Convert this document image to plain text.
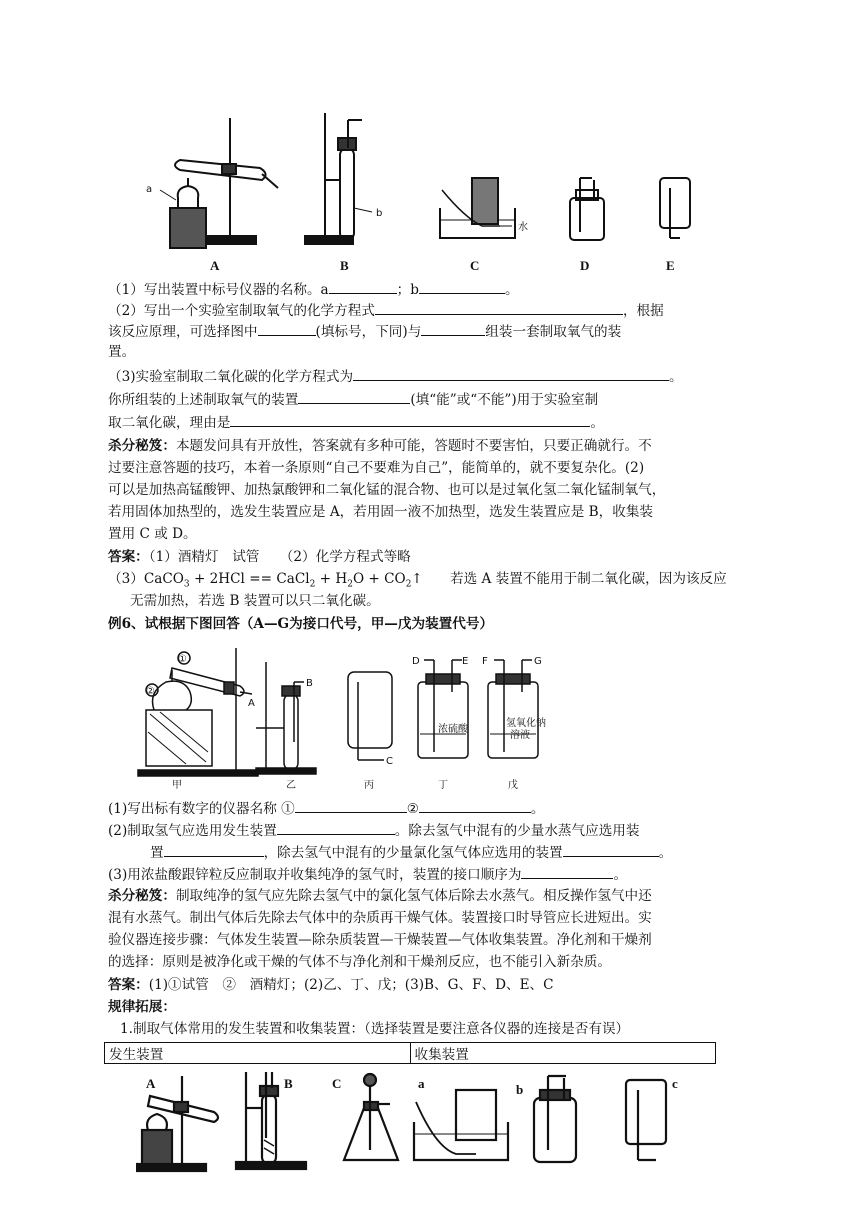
A	B	C	D	E
a
b
水
（1）写出装置中标号仪器的名称。a	；b	。
（2）写出一个实验室制取氧气的化学方程式	，根据
该反应原理，可选择图中	(填标号，下同)与	组装一套制取氧气的装
置。
（3)实验室制取二氧化碳的化学方程式为	。
你所组装的上述制取氧气的装置	(填“能”或“不能”)用于实验室制
取二氧化碳，理由是	。
杀分秘笈：本题发问具有开放性，答案就有多种可能，答题时不要害怕，只要正确就行。不
过要注意答题的技巧，本着一条原则“自己不要难为自己”，能简单的，就不要复杂化。(2)
可以是加热高锰酸钾、加热氯酸钾和二氧化锰的混合物、也可以是过氧化氢二氧化锰制氧气，
若用固体加热型的，选发生装置应是 A，若用固一液不加热型，选发生装置应是 B，收集装
置用 C 或 D。
答案：（1）酒精灯　试管　　（2）化学方程式等略
（3）CaCO$_3$ + 2HCl == CaCl$_2$ + $H_2O$ + $CO_2↑$　　若选 A 装置不能用于制二氧化碳，因为该反应
无需加热，若选 B 装置可以只二氧化碳。
例6、试根据下图回答（A—G为接口代号，甲—戊为装置代号）
①
②
A
B
C
D	E F	G
浓硫酸
氢氧化钠
溶液
甲	乙	丙	丁	戊
(1)写出标有数字的仪器名称 ①	②	。
(2)制取氢气应选用发生装置	。除去氢气中混有的少量水蒸气应选用装
置	，除去氢气中混有的少量氯化氢气体应选用的装置	。
(3)用浓盐酸跟锌粒反应制取并收集纯净的氢气时，装置的接口顺序为	。
杀分秘笈：制取纯净的氢气应先除去氢气中的氯化氢气体后除去水蒸气。相反操作氢气中还
混有水蒸气。制出气体后先除去气体中的杂质再干燥气体。装置接口时导管应长进短出。实
验仪器连接步骤：气体发生装置—除杂质装置—干燥装置—气体收集装置。净化剂和干燥剂
的选择：原则是被净化或干燥的气体不与净化剂和干燥剂反应，也不能引入新杂质。
答案：(1)①试管　②　酒精灯；(2)乙、丁、戊；(3)B、G、F、D、E、C
规律拓展：
1.制取气体常用的发生装置和收集装置：（选择装置是要注意各仪器的连接是否有误）
发生装置	收集装置
A	B	C	a	b	c
